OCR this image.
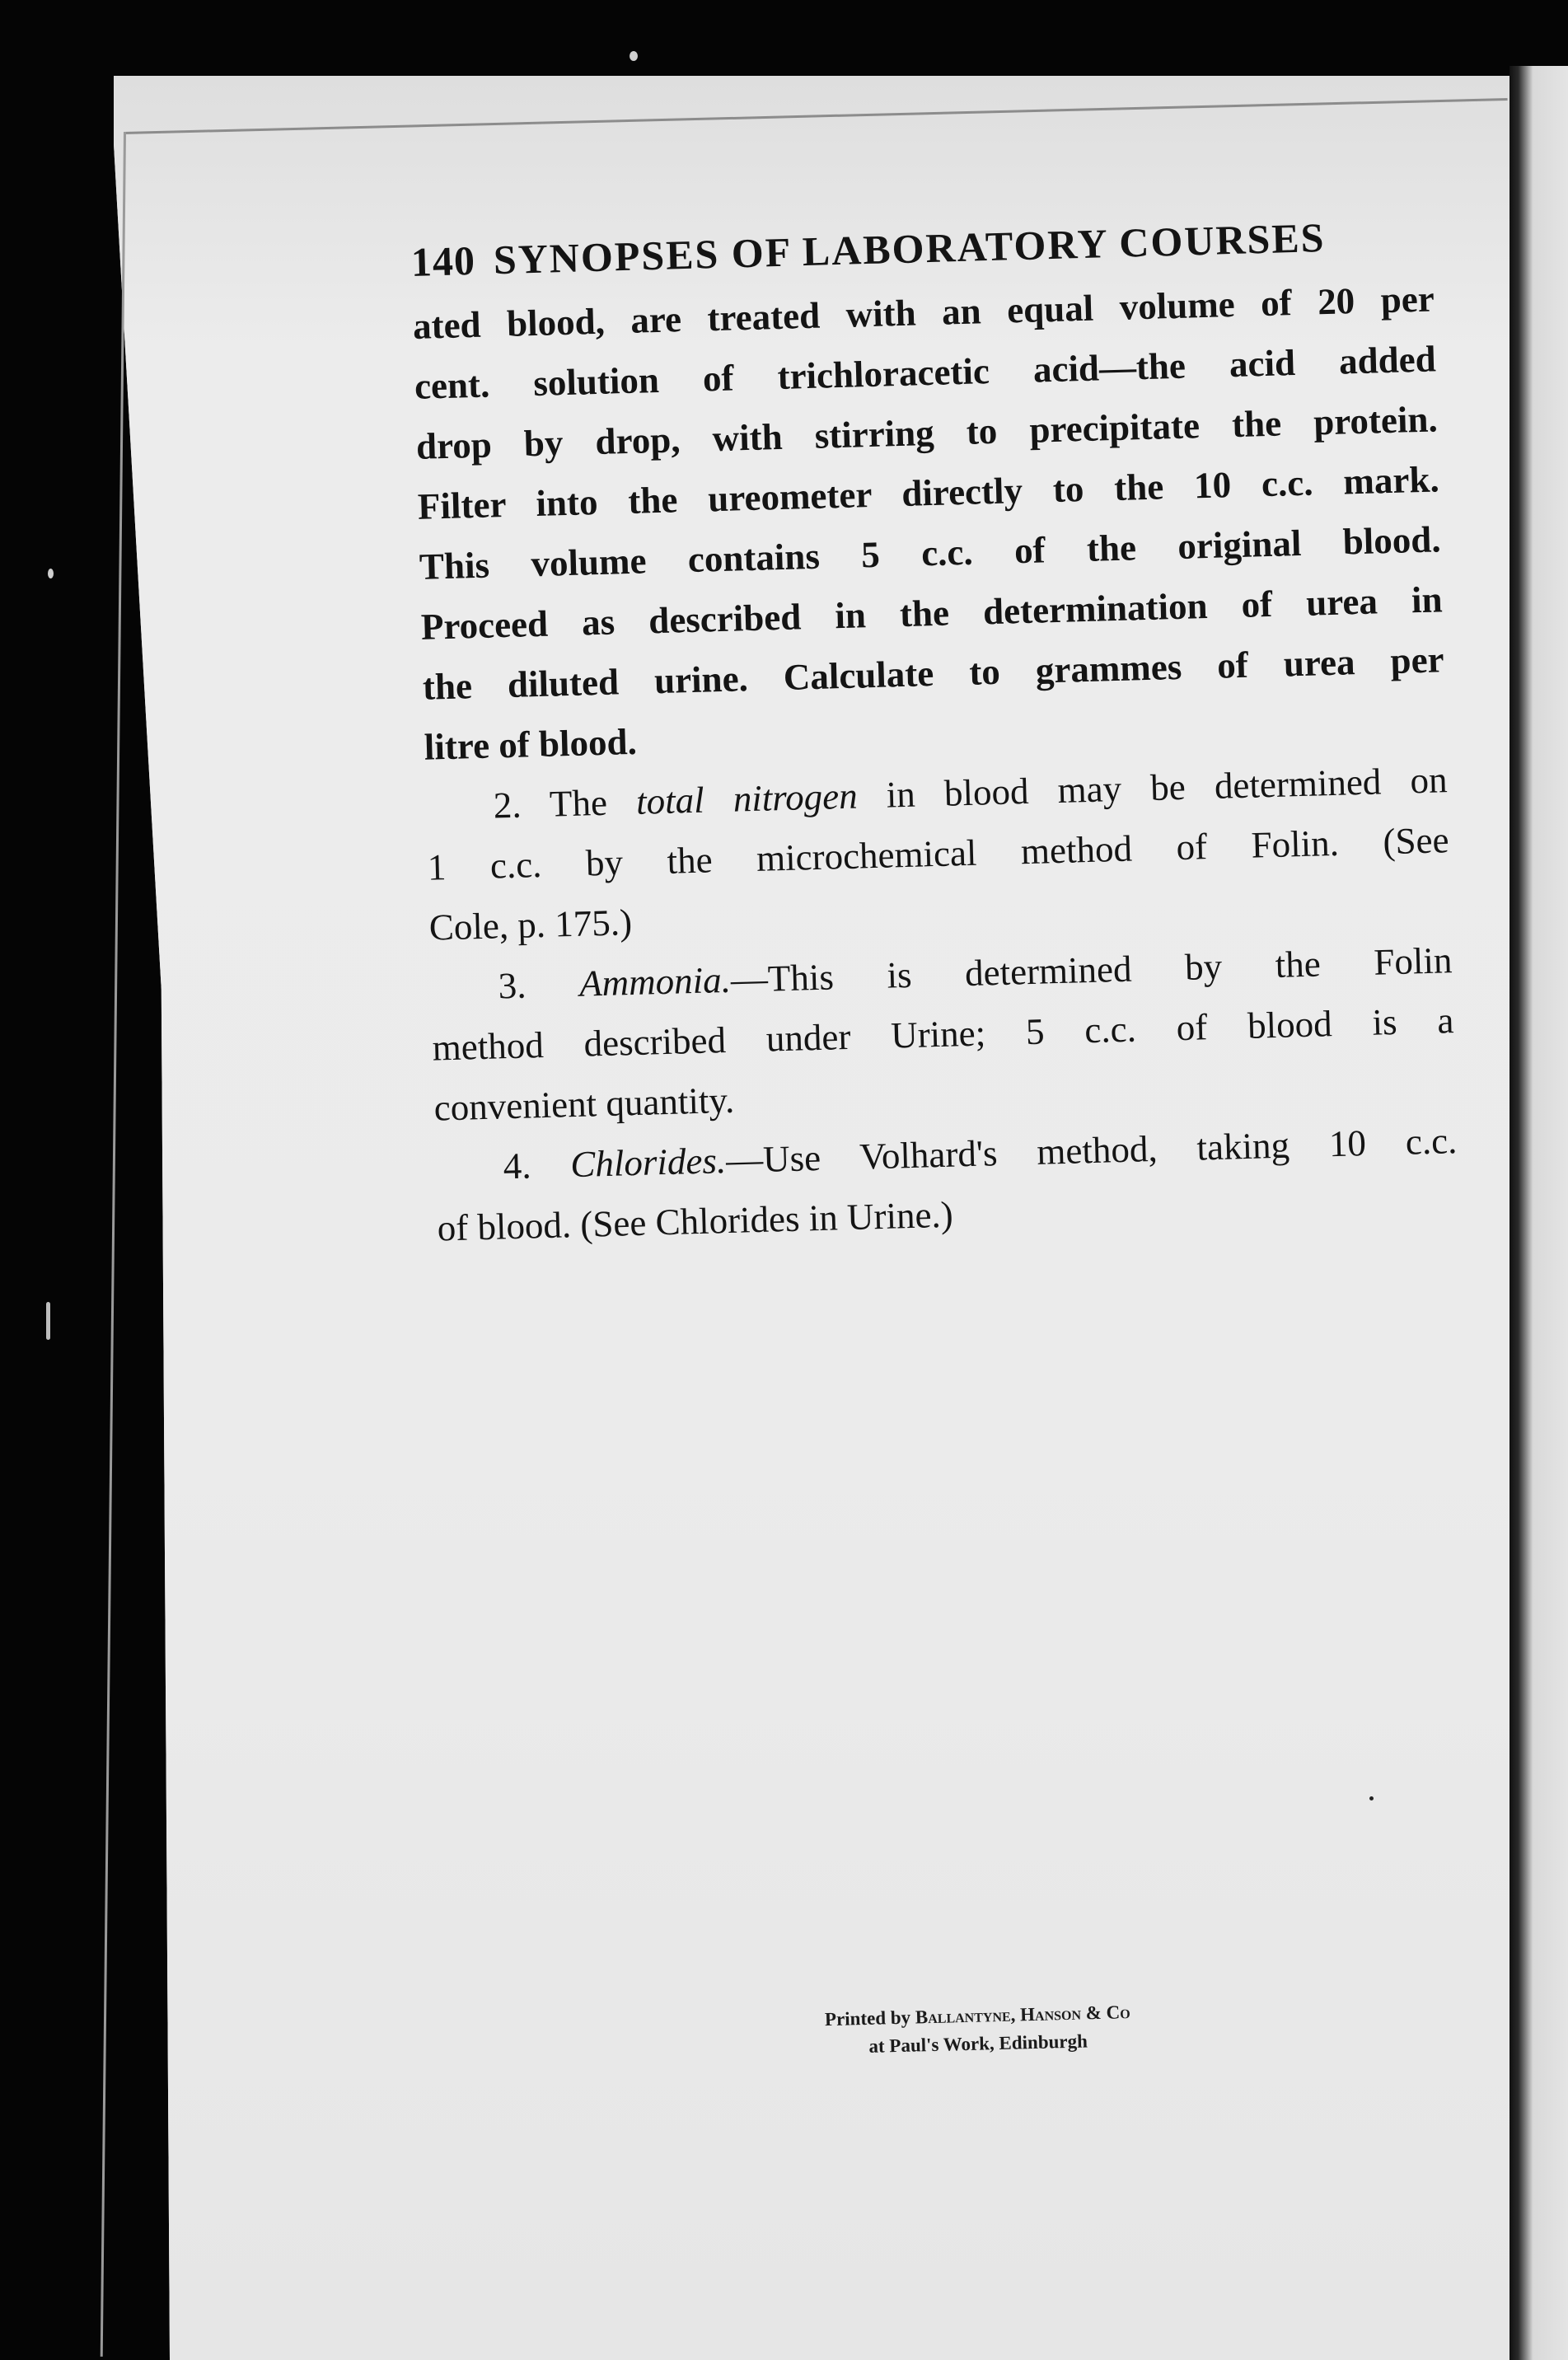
140 SYNOPSES OF LABORATORY COURSES
ated blood, are treated with an equal volume of 20 per
cent. solution of trichloracetic acid—the acid added
drop by drop, with stirring to precipitate the protein.
Filter into the ureometer directly to the 10 c.c. mark.
This volume contains 5 c.c. of the original blood.
Proceed as described in the determination of urea in
the diluted urine. Calculate to grammes of urea per
litre of blood.
2. The total nitrogen in blood may be determined on
1 c.c. by the microchemical method of Folin. (See
Cole, p. 175.)
3. Ammonia.—This is determined by the Folin
method described under Urine; 5 c.c. of blood is a
convenient quantity.
4. Chlorides.—Use Volhard's method, taking 10 c.c.
of blood. (See Chlorides in Urine.)
Printed by Ballantyne, Hanson & Co
at Paul's Work, Edinburgh
